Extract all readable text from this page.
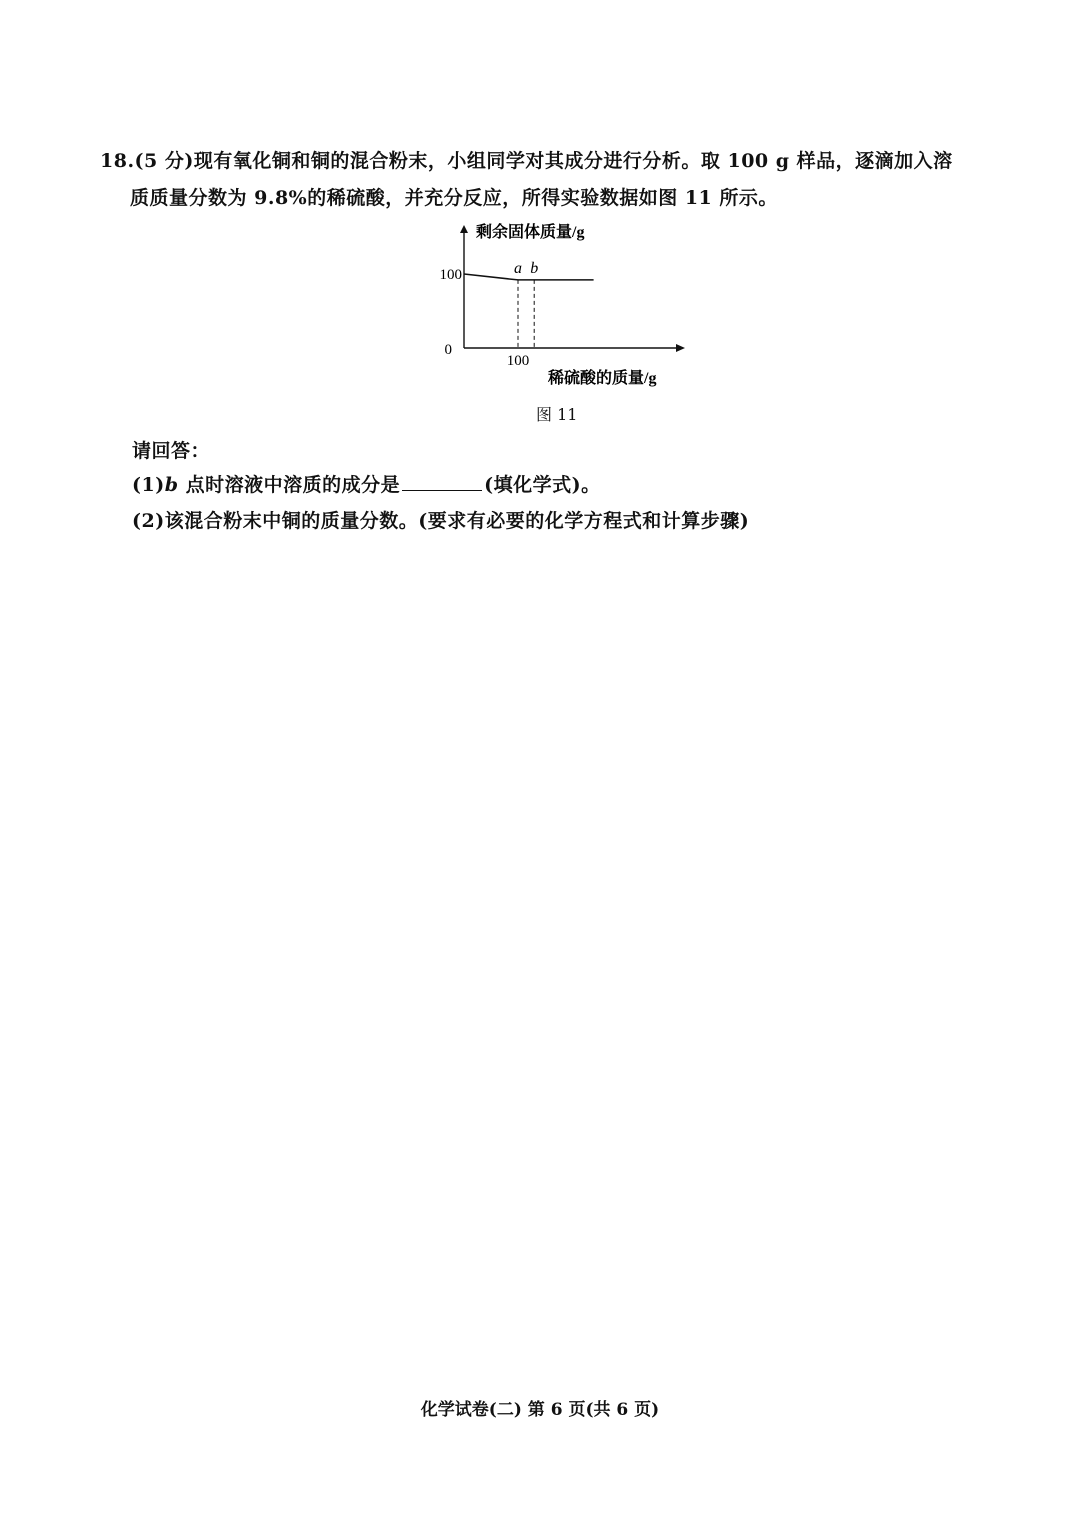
18.(5 分)现有氧化铜和铜的混合粉末，小组同学对其成分进行分析。取 100 g 样品，逐滴加入溶
质质量分数为 9.8%的稀硫酸，并充分反应，所得实验数据如图 11 所示。
剩余固体质量/g
稀硫酸的质量/g
0
100
100
a b
图 11
请回答：
(1)b 点时溶液中溶质的成分是	(填化学式)。
(2)该混合粉末中铜的质量分数。(要求有必要的化学方程式和计算步骤)
化学试卷(二) 第 6 页(共 6 页)
